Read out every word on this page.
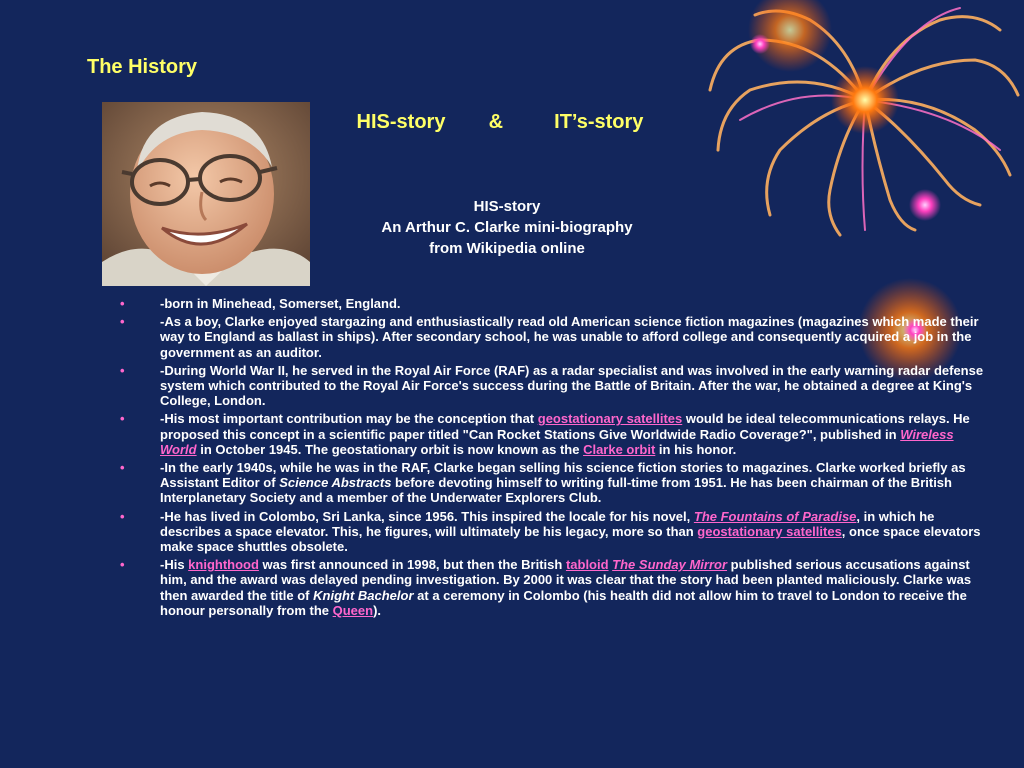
The History
HIS-story &	IT’s-story
HIS-story
An Arthur C. Clarke mini-biography
from Wikipedia online
•	-born in Minehead, Somerset, England.
•	-As a boy, Clarke enjoyed stargazing and enthusiastically read old American science fiction magazines (magazines which made their way to England as ballast in ships). After secondary school, he was unable to afford college and consequently acquired a job in the government as an auditor.
•	-During World War II, he served in the Royal Air Force (RAF) as a radar specialist and was involved in the early warning radar defense system which contributed to the Royal Air Force's success during the Battle of Britain. After the war, he obtained a degree at King's College, London.
•	-His most important contribution may be the conception that geostationary satellites would be ideal telecommunications relays. He proposed this concept in a scientific paper titled "Can Rocket Stations Give Worldwide Radio Coverage?", published in Wireless World in October 1945. The geostationary orbit is now known as the Clarke orbit in his honor.
•	-In the early 1940s, while he was in the RAF, Clarke began selling his science fiction stories to magazines. Clarke worked briefly as Assistant Editor of Science Abstracts before devoting himself to writing full-time from 1951. He has been chairman of the British Interplanetary Society and a member of the Underwater Explorers Club.
•	-He has lived in Colombo, Sri Lanka, since 1956. This inspired the locale for his novel, The Fountains of Paradise, in which he describes a space elevator. This, he figures, will ultimately be his legacy, more so than geostationary satellites, once space elevators make space shuttles obsolete.
•	-His knighthood was first announced in 1998, but then the British tabloid The Sunday Mirror published serious accusations against him, and the award was delayed pending investigation. By 2000 it was clear that the story had been planted maliciously. Clarke was then awarded the title of Knight Bachelor at a ceremony in Colombo (his health did not allow him to travel to London to receive the honour personally from the Queen).
